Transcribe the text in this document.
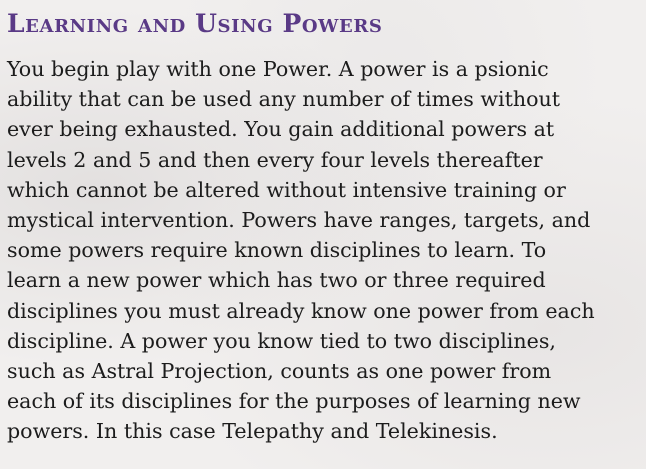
Learning and Using Powers

You begin play with one Power. A power is a psionic
ability that can be used any number of times without
ever being exhausted. You gain additional powers at
levels 2 and 5 and then every four levels thereafter
which cannot be altered without intensive training or
mystical intervention. Powers have ranges, targets, and
some powers require known disciplines to learn. To
learn a new power which has two or three required
disciplines you must already know one power from each
discipline. A power you know tied to two disciplines,
such as Astral Projection, counts as one power from
each of its disciplines for the purposes of learning new
powers. In this case Telepathy and Telekinesis.
